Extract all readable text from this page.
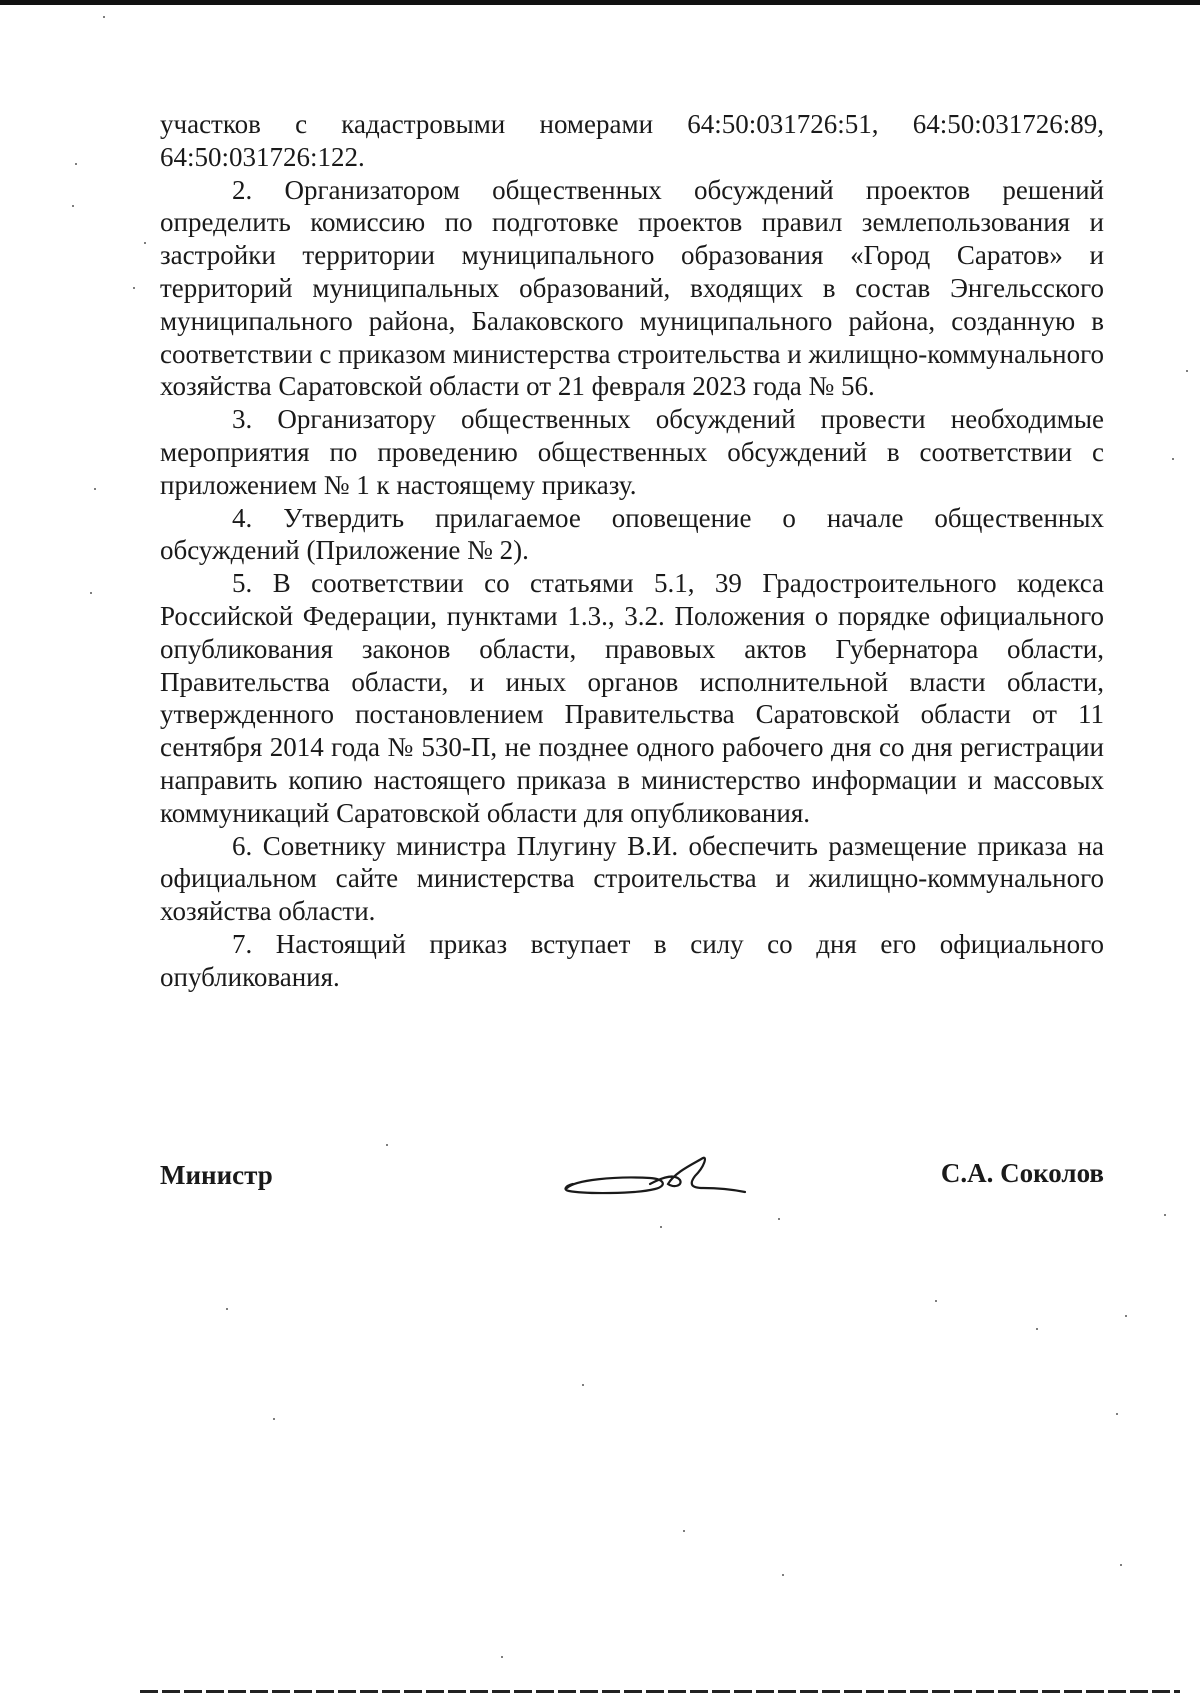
участков с кадастровыми номерами 64:50:031726:51, 64:50:031726:89, 64:50:031726:122.

2. Организатором общественных обсуждений проектов решений определить комиссию по подготовке проектов правил землепользования и застройки территории муниципального образования «Город Саратов» и территорий муниципальных образований, входящих в состав Энгельсского муниципального района, Балаковского муниципального района, созданную в соответствии с приказом министерства строительства и жилищно-коммунального хозяйства Саратовской области от 21 февраля 2023 года № 56.

3. Организатору общественных обсуждений провести необходимые мероприятия по проведению общественных обсуждений в соответствии с приложением № 1 к настоящему приказу.

4. Утвердить прилагаемое оповещение о начале общественных обсуждений (Приложение № 2).

5. В соответствии со статьями 5.1, 39 Градостроительного кодекса Российской Федерации, пунктами 1.3., 3.2. Положения о порядке официального опубликования законов области, правовых актов Губернатора области, Правительства области, и иных органов исполнительной власти области, утвержденного постановлением Правительства Саратовской области от 11 сентября 2014 года № 530-П, не позднее одного рабочего дня со дня регистрации направить копию настоящего приказа в министерство информации и массовых коммуникаций Саратовской области для опубликования.

6. Советнику министра Плугину В.И. обеспечить размещение приказа на официальном сайте министерства строительства и жилищно-коммунального хозяйства области.

7. Настоящий приказ вступает в силу со дня его официального опубликования.

Министр	С.А. Соколов
